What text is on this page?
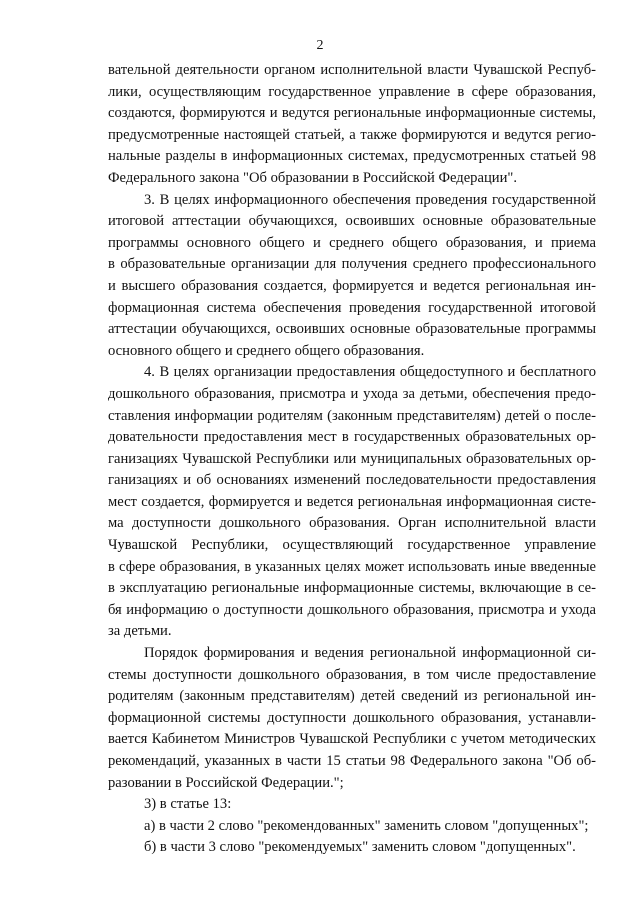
2
вательной деятельности органом исполнительной власти Чувашской Респуб-
лики, осуществляющим государственное управление в сфере образования,
создаются, формируются и ведутся региональные информационные системы,
предусмотренные настоящей статьей, а также формируются и ведутся регио-
нальные разделы в информационных системах, предусмотренных статьей 98
Федерального закона "Об образовании в Российской Федерации".
3. В целях информационного обеспечения проведения государственной
итоговой аттестации обучающихся, освоивших основные образовательные
программы основного общего и среднего общего образования, и приема
в образовательные организации для получения среднего профессионального
и высшего образования создается, формируется и ведется региональная ин-
формационная система обеспечения проведения государственной итоговой
аттестации обучающихся, освоивших основные образовательные программы
основного общего и среднего общего образования.
4. В целях организации предоставления общедоступного и бесплатного
дошкольного образования, присмотра и ухода за детьми, обеспечения предо-
ставления информации родителям (законным представителям) детей о после-
довательности предоставления мест в государственных образовательных ор-
ганизациях Чувашской Республики или муниципальных образовательных ор-
ганизациях и об основаниях изменений последовательности предоставления
мест создается, формируется и ведется региональная информационная систе-
ма доступности дошкольного образования. Орган исполнительной власти
Чувашской Республики, осуществляющий государственное управление
в сфере образования, в указанных целях может использовать иные введенные
в эксплуатацию региональные информационные системы, включающие в се-
бя информацию о доступности дошкольного образования, присмотра и ухода
за детьми.
Порядок формирования и ведения региональной информационной си-
стемы доступности дошкольного образования, в том числе предоставление
родителям (законным представителям) детей сведений из региональной ин-
формационной системы доступности дошкольного образования, устанавли-
вается Кабинетом Министров Чувашской Республики с учетом методических
рекомендаций, указанных в части 15 статьи 98 Федерального закона "Об об-
разовании в Российской Федерации.";
3) в статье 13:
а) в части 2 слово "рекомендованных" заменить словом "допущенных";
б) в части 3 слово "рекомендуемых" заменить словом "допущенных".
